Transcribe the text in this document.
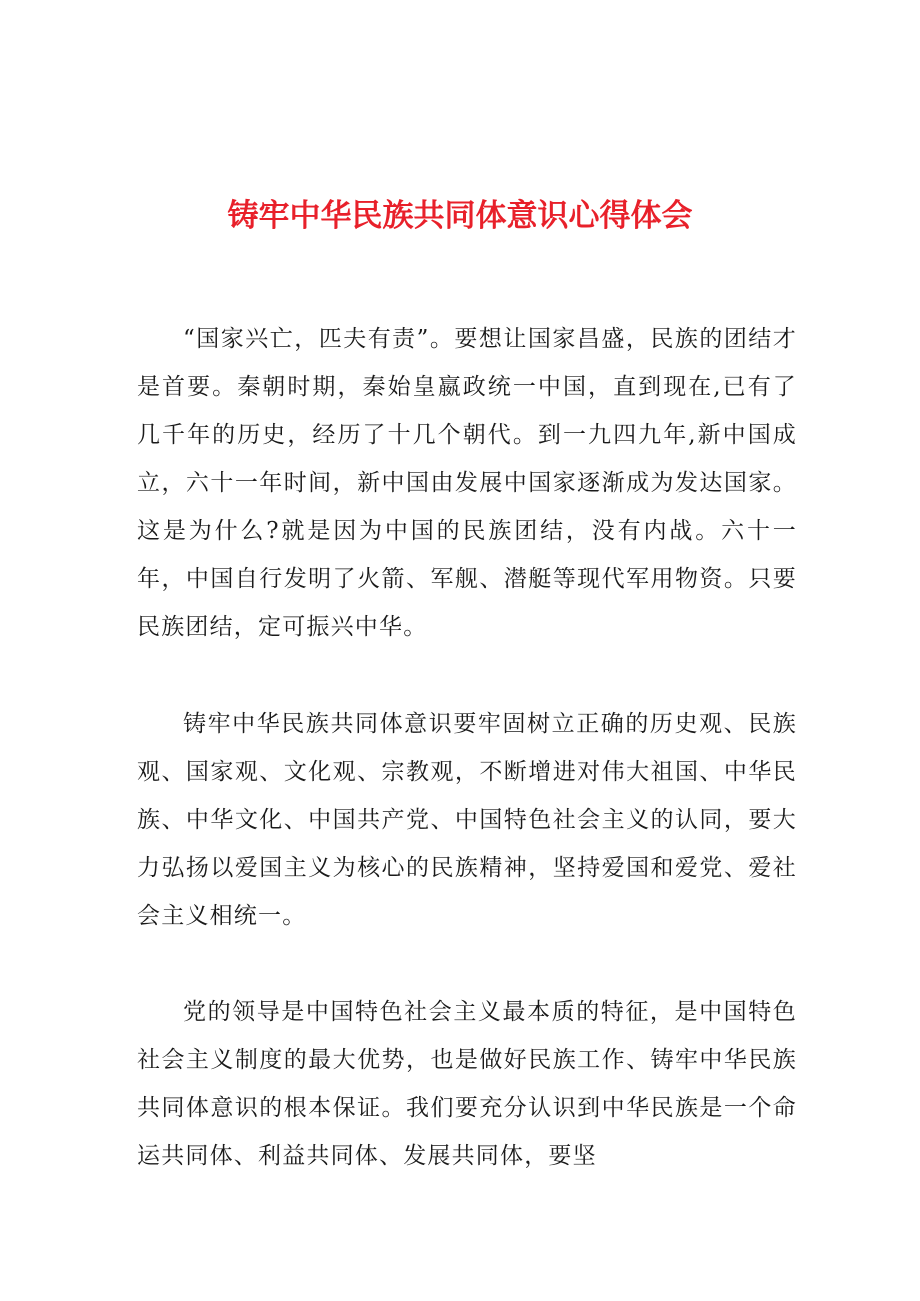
铸牢中华民族共同体意识心得体会

“国家兴亡，匹夫有责”。要想让国家昌盛，民族的团结才是首要。秦朝时期，秦始皇嬴政统一中国，直到现在,已有了几千年的历史，经历了十几个朝代。到一九四九年,新中国成立，六十一年时间，新中国由发展中国家逐渐成为发达国家。这是为什么?就是因为中国的民族团结，没有内战。六十一年，中国自行发明了火箭、军舰、潜艇等现代军用物资。只要民族团结，定可振兴中华。

铸牢中华民族共同体意识要牢固树立正确的历史观、民族观、国家观、文化观、宗教观，不断增进对伟大祖国、中华民族、中华文化、中国共产党、中国特色社会主义的认同，要大力弘扬以爱国主义为核心的民族精神，坚持爱国和爱党、爱社会主义相统一。

党的领导是中国特色社会主义最本质的特征，是中国特色社会主义制度的最大优势，也是做好民族工作、铸牢中华民族共同体意识的根本保证。我们要充分认识到中华民族是一个命运共同体、利益共同体、发展共同体，要坚
